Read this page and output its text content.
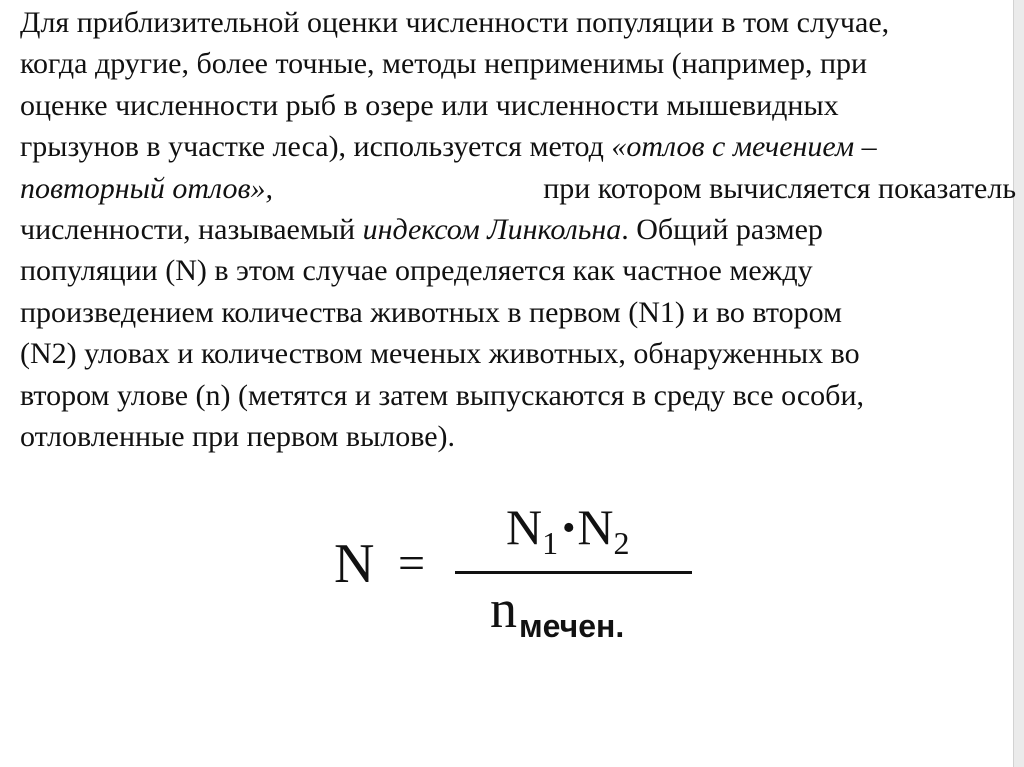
Для приблизительной оценки численности популяции в том случае,
когда другие, более точные, методы неприменимы (например, при
оценке численности рыб в озере или численности мышевидных
грызунов в участке леса), используется метод «отлов с мечением –
повторный отлов»,	при котором вычисляется показатель
численности, называемый индексом Линкольна. Общий размер
популяции (N) в этом случае определяется как частное между
произведением количества животных в первом (N1) и во втором
(N2) уловах и количеством меченых животных, обнаруженных во
втором улове (n) (метятся и затем выпускаются в среду все особи,
отловленные при первом вылове).
N =
$N_1$ $•N_2$
nмечен.
